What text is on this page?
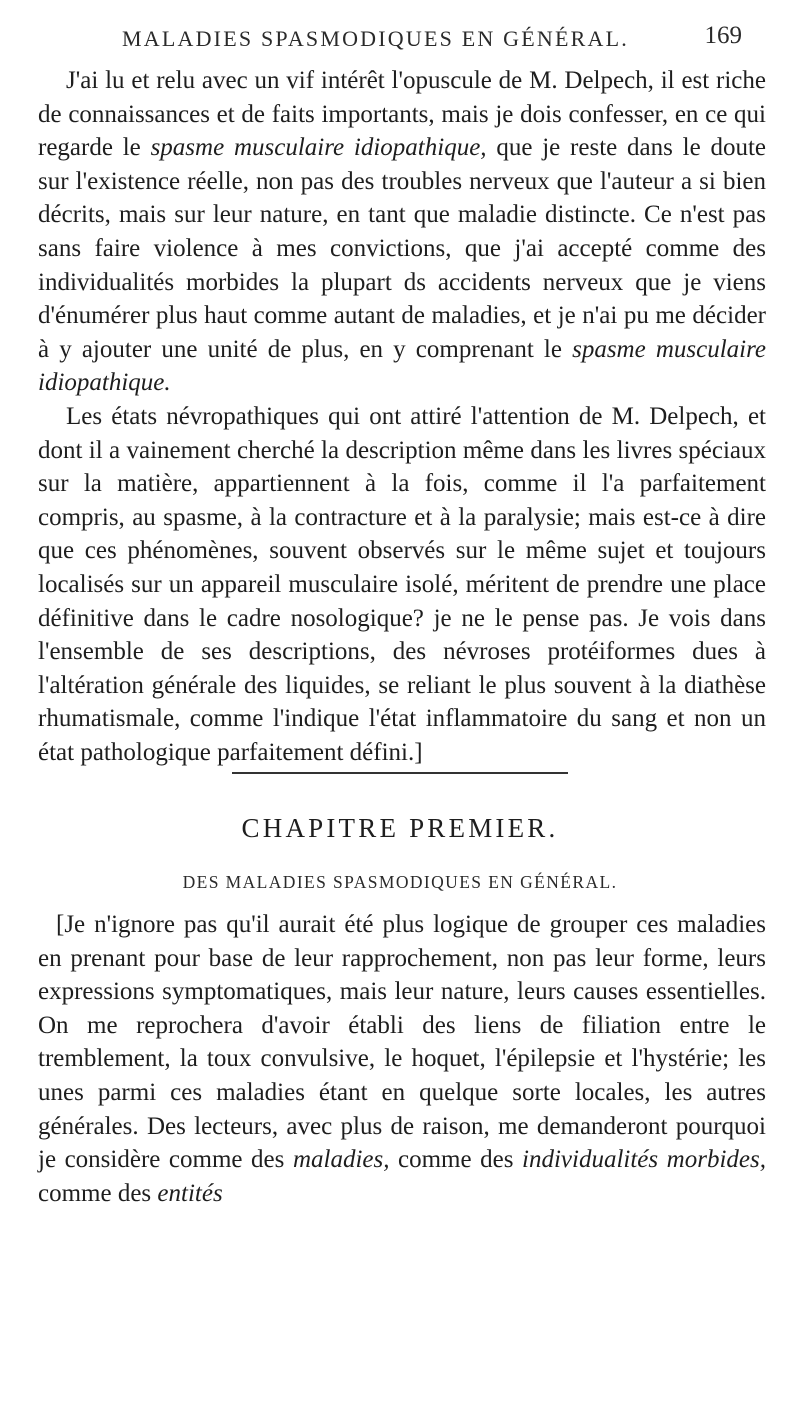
MALADIES SPASMODIQUES EN GÉNÉRAL.	169

J'ai lu et relu avec un vif intérêt l'opuscule de M. Delpech, il est riche de connaissances et de faits importants, mais je dois confesser, en ce qui regarde le spasme musculaire idiopathique, que je reste dans le doute sur l'existence réelle, non pas des troubles nerveux que l'auteur a si bien décrits, mais sur leur nature, en tant que maladie distincte. Ce n'est pas sans faire violence à mes convictions, que j'ai accepté comme des individualités morbides la plupart ds accidents nerveux que je viens d'énumérer plus haut comme autant de maladies, et je n'ai pu me décider à y ajouter une unité de plus, en y comprenant le spasme musculaire idiopathique.

Les états névropathiques qui ont attiré l'attention de M. Delpech, et dont il a vainement cherché la description même dans les livres spéciaux sur la matière, appartiennent à la fois, comme il l'a parfaitement compris, au spasme, à la contracture et à la paralysie; mais est-ce à dire que ces phénomènes, souvent observés sur le même sujet et toujours localisés sur un appareil musculaire isolé, méritent de prendre une place définitive dans le cadre nosologique? je ne le pense pas. Je vois dans l'ensemble de ses descriptions, des névroses protéiformes dues à l'altération générale des liquides, se reliant le plus souvent à la diathèse rhumatismale, comme l'indique l'état inflammatoire du sang et non un état pathologique parfaitement défini.]

CHAPITRE PREMIER.
DES MALADIES SPASMODIQUES EN GÉNÉRAL.

[Je n'ignore pas qu'il aurait été plus logique de grouper ces maladies en prenant pour base de leur rapprochement, non pas leur forme, leurs expressions symptomatiques, mais leur nature, leurs causes essentielles. On me reprochera d'avoir établi des liens de filiation entre le tremblement, la toux convulsive, le hoquet, l'épilepsie et l'hystérie; les unes parmi ces maladies étant en quelque sorte locales, les autres générales. Des lecteurs, avec plus de raison, me demanderont pourquoi je considère comme des maladies, comme des individualités morbides, comme des entités
